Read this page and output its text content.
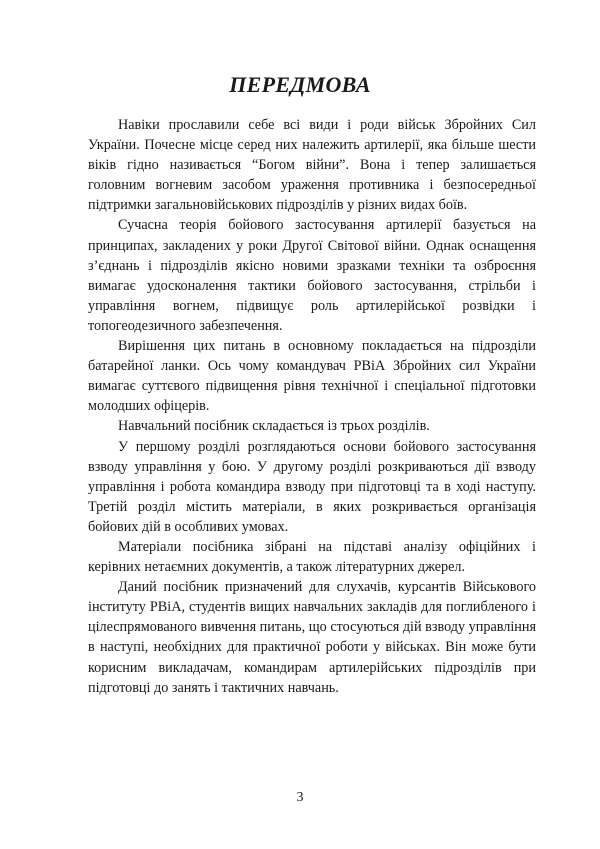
ПЕРЕДМОВА

Навіки прославили себе всі види і роди військ Збройних Сил України. Почесне місце серед них належить артилерії, яка більше шести віків гідно називається “Богом війни”. Вона і тепер залишається головним вогневим засобом ураження противника і безпосередньої підтримки загальновійськових підрозділів у різних видах боїв.

Сучасна теорія бойового застосування артилерії базується на принципах, закладених у роки Другої Світової війни. Однак оснащення з’єднань і підрозділів якісно новими зразками техніки та озброєння вимагає удосконалення тактики бойового застосування, стрільби і управління вогнем, підвищує роль артилерійської розвідки і топогеодезичного забезпечення.

Вирішення цих питань в основному покладається на підрозділи батарейної ланки. Ось чому командувач РВіА Збройних сил України вимагає суттєвого підвищення рівня технічної і спеціальної підготовки молодших офіцерів.

Навчальний посібник складається із трьох розділів.

У першому розділі розглядаються основи бойового застосування взводу управління у бою. У другому розділі розкриваються дії взводу управління і робота командира взводу при підготовці та в ході наступу. Третій розділ містить матеріали, в яких розкривається організація бойових дій в особливих умовах.

Матеріали посібника зібрані на підставі аналізу офіційних і керівних нетаємних документів, а також літературних джерел.

Даний посібник призначений для слухачів, курсантів Військового інституту РВіА, студентів вищих навчальних закладів для поглибленого і цілеспрямованого вивчення питань, що стосуються дій взводу управління в наступі, необхідних для практичної роботи у військах. Він може бути корисним викладачам, командирам артилерійських підрозділів при підготовці до занять і тактичних навчань.

3
